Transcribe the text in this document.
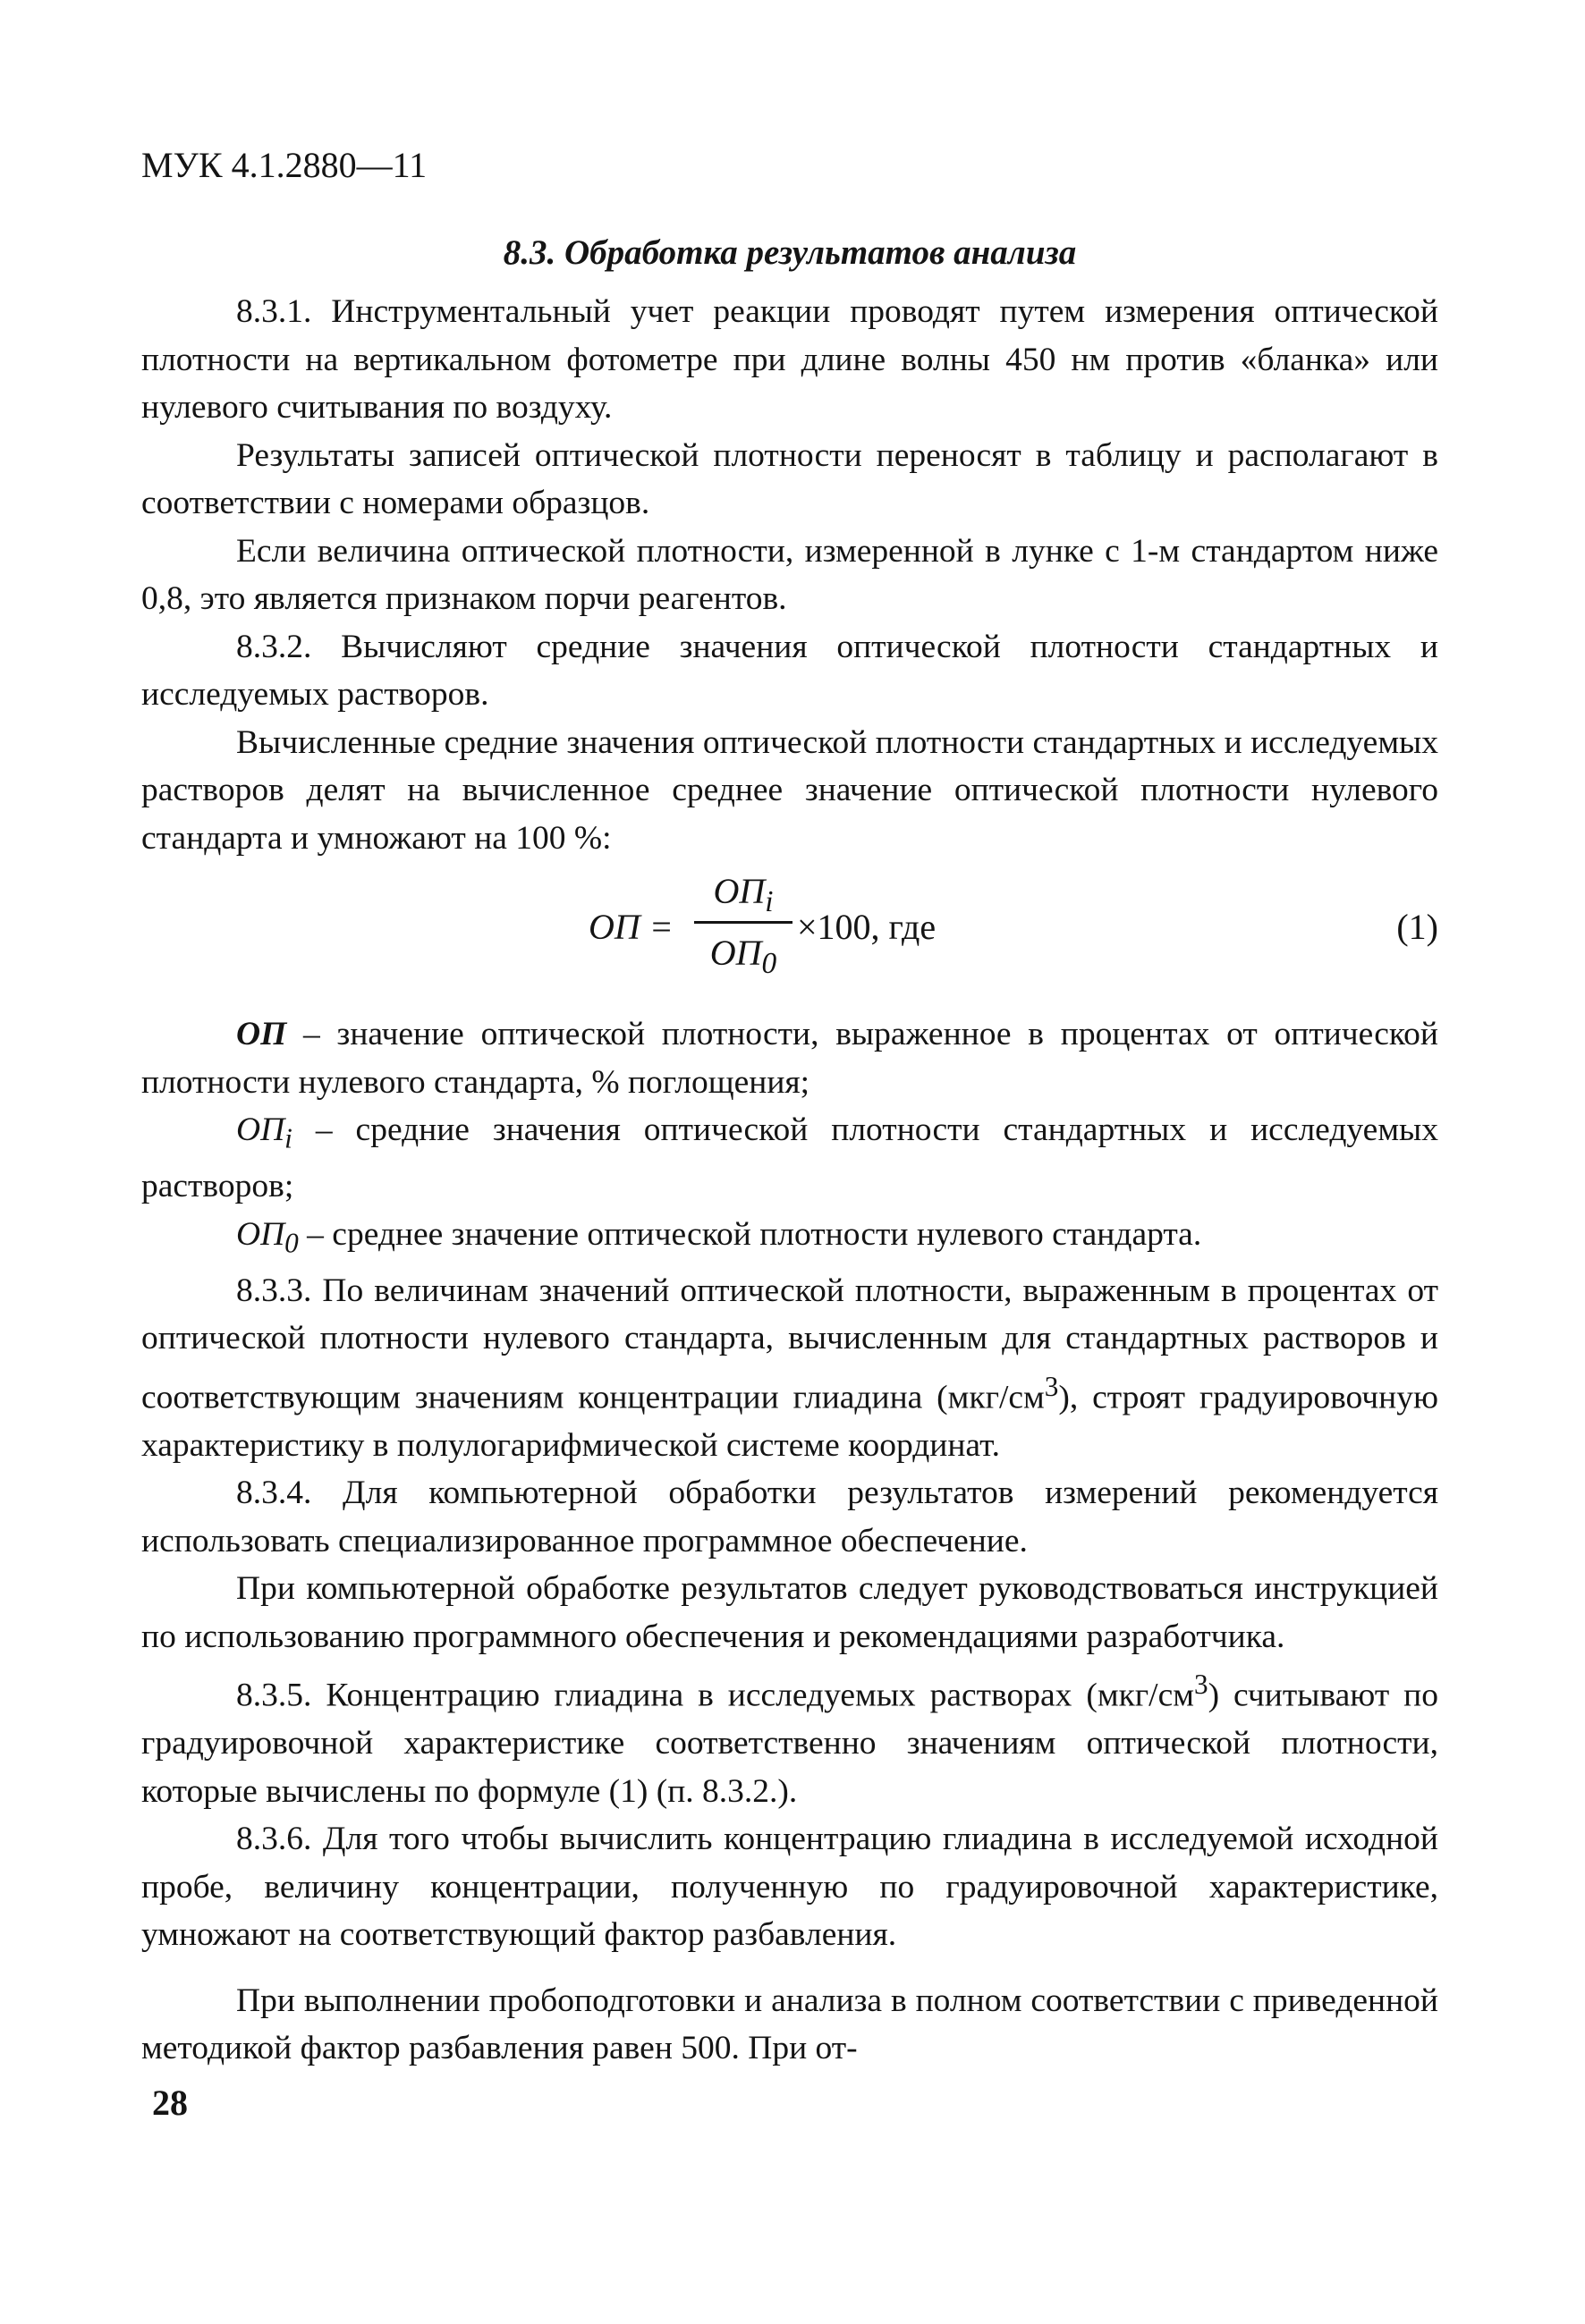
МУК 4.1.2880—11
8.3. Обработка результатов анализа

8.3.1. Инструментальный учет реакции проводят путем измерения оптической плотности на вертикальном фотометре при длине волны 450 нм против «бланка» или нулевого считывания по воздуху.

Результаты записей оптической плотности переносят в таблицу и располагают в соответствии с номерами образцов.

Если величина оптической плотности, измеренной в лунке с 1-м стандартом ниже 0,8, это является признаком порчи реагентов.

8.3.2. Вычисляют средние значения оптической плотности стандартных и исследуемых растворов.

Вычисленные средние значения оптической плотности стандартных и исследуемых растворов делят на вычисленное среднее значение оптической плотности нулевого стандарта и умножают на 100 %:

ОП =
$ОП_i$
$ОП_0$
×100, где	(1)

ОП – значение оптической плотности, выраженное в процентах от оптической плотности нулевого стандарта, % поглощения;

$ОП_i$ – средние значения оптической плотности стандартных и исследуемых растворов;

$ОП_0$ – среднее значение оптической плотности нулевого стандарта.

8.3.3. По величинам значений оптической плотности, выраженным в процентах от оптической плотности нулевого стандарта, вычисленным для стандартных растворов и соответствующим значениям концентрации глиадина $(мкг/см^3)$, строят градуировочную характеристику в полулогарифмической системе координат.

8.3.4. Для компьютерной обработки результатов измерений рекомендуется использовать специализированное программное обеспечение.

При компьютерной обработке результатов следует руководствоваться инструкцией по использованию программного обеспечения и рекомендациями разработчика.

8.3.5. Концентрацию глиадина в исследуемых растворах $(мкг/см^3)$ считывают по градуировочной характеристике соответственно значениям оптической плотности, которые вычислены по формуле (1) (п. 8.3.2.).

8.3.6. Для того чтобы вычислить концентрацию глиадина в исследуемой исходной пробе, величину концентрации, полученную по градуировочной характеристике, умножают на соответствующий фактор разбавления.

При выполнении пробоподготовки и анализа в полном соответствии с приведенной методикой фактор разбавления равен 500. При от-

28
